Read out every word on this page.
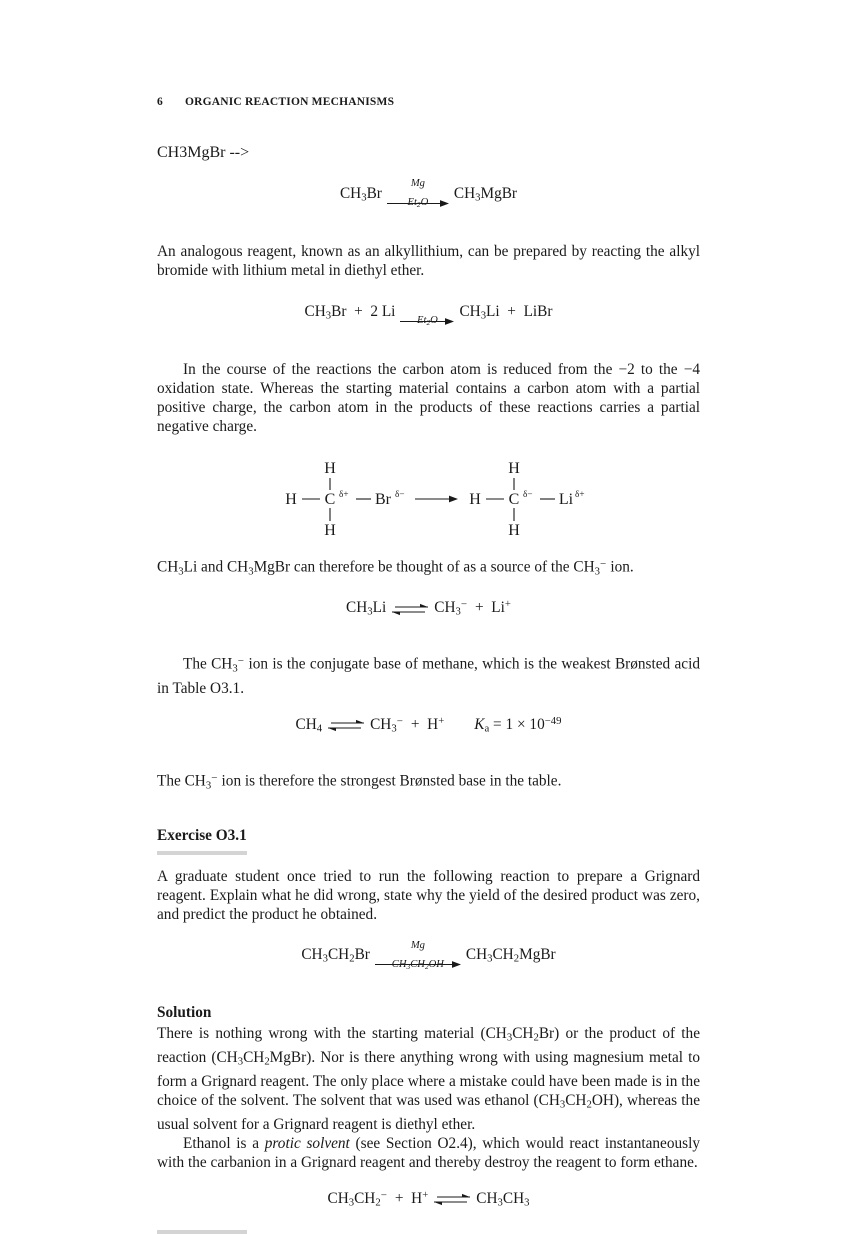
6 ORGANIC REACTION MECHANISMS
CH3MgBr -->
$CH_3Br$
Mg
$Et_2O$
$CH_3MgBr$

An analogous reagent, known as an alkyllithium, can be prepared by reacting the alkyl bromide with lithium metal in diethyl ether.

$CH_3Br + 2$ Li
$Et_2O$
$CH_3Li$  +  LiBr

In the course of the reactions the carbon atom is reduced from the −2 to the −4 oxidation state. Whereas the starting material contains a carbon atom with a partial positive charge, the carbon atom in the products of these reactions carries a partial negative charge.

H C δ+
H
H
Br δ−	H C δ−
H
H
Li δ+

$CH_3Li$ and $CH_3MgBr$ can therefore be thought of as a source of the $CH_3^-$ ion.

$CH_3Li$ ⇌ $CH_3^- + Li^+$

The $CH_3^-$ ion is the conjugate base of methane, which is the weakest Brønsted acid in Table O3.1.

$CH_4$ ⇌ $CH_3^- + H^+$ $K_a = 1 \times 10^{-49}$

The $CH_3^-$ ion is therefore the strongest Brønsted base in the table.

Exercise O3.1

A graduate student once tried to run the following reaction to prepare a Grignard reagent. Explain what he did wrong, state why the yield of the desired product was zero, and predict the product he obtained.

$CH_3CH_2Br$
Mg
$CH_3CH_2OH$
$CH_3CH_2MgBr$
Solution

There is nothing wrong with the starting material $(CH_3CH_2Br)$ or the product of the reaction $(CH_3CH_2MgBr)$. Nor is there anything wrong with using magnesium metal to form a Grignard reagent. The only place where a mistake could have been made is in the choice of the solvent. The solvent that was used was ethanol $(CH_3CH_2OH)$, whereas the usual solvent for a Grignard reagent is diethyl ether.

Ethanol is a protic solvent (see Section O2.4), which would react instantaneously with the carbanion in a Grignard reagent and thereby destroy the reagent to form ethane.

$CH_3CH_2^- + H^+$ ⇌ $CH_3CH_3$
